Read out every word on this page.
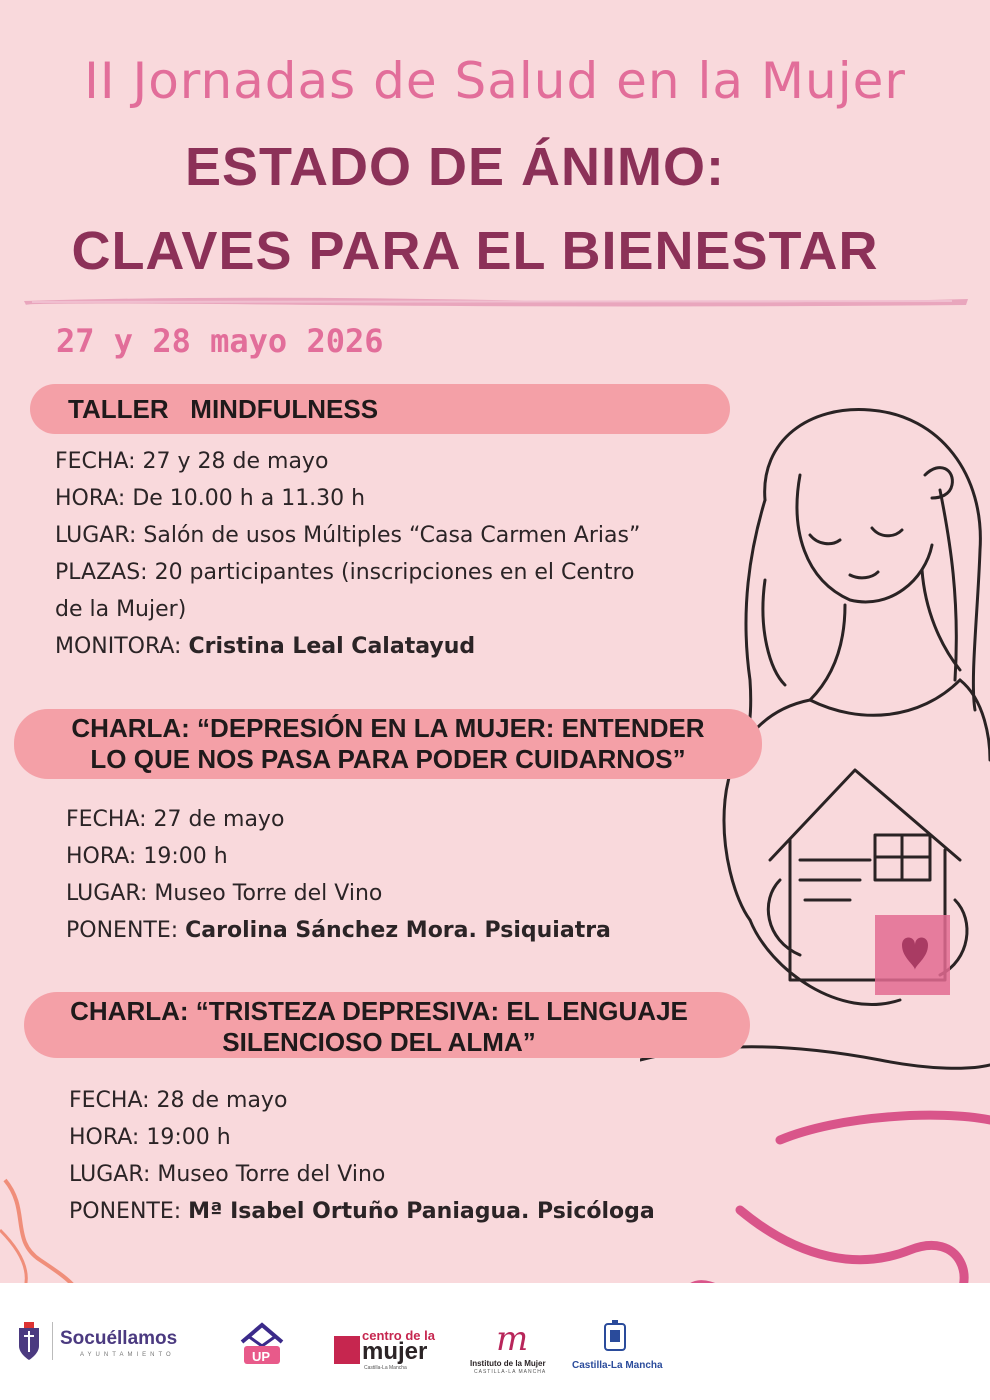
II Jornadas de Salud en la Mujer
ESTADO DE ÁNIMO:
CLAVES PARA EL BIENESTAR
27 y 28 mayo 2026
TALLER   MINDFULNESS
FECHA: 27 y 28 de mayo
HORA: De 10.00 h a 11.30 h
LUGAR: Salón de usos Múltiples “Casa Carmen Arias”
PLAZAS: 20 participantes (inscripciones en el Centro
de la Mujer)
MONITORA: Cristina Leal Calatayud
CHARLA: “DEPRESIÓN EN LA MUJER: ENTENDER
LO QUE NOS PASA PARA PODER CUIDARNOS”
FECHA: 27 de mayo
HORA: 19:00 h
LUGAR: Museo Torre del Vino
PONENTE: Carolina Sánchez Mora. Psiquiatra
CHARLA: “TRISTEZA DEPRESIVA: EL LENGUAJE
SILENCIOSO DEL ALMA”
FECHA: 28 de mayo
HORA: 19:00 h
LUGAR: Museo Torre del Vino
PONENTE: Mª Isabel Ortuño Paniagua. Psicóloga
Socuéllamos
AYUNTAMIENTO	UP
centro de la
mujer
Castilla-La Mancha
m
Instituto de la Mujer
CASTILLA-LA MANCHA
Castilla-La Mancha
